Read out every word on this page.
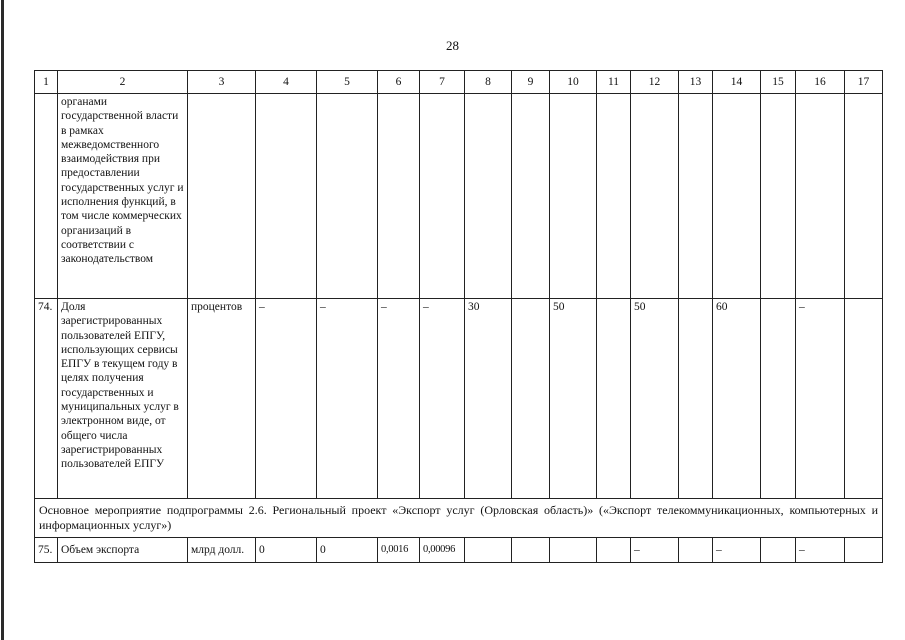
28
1	2	3	4	5	6	7	8	9	10	11	12	13	14	15	16	17
	органами государственной власти в рамках межведомственного взаимодействия при предоставлении государственных услуг и исполнения функций, в том числе коммерческих организаций в соответствии с законодательством															
74.	Доля зарегистрированных пользователей ЕПГУ, использующих сервисы ЕПГУ в текущем году в целях получения государственных и муниципальных услуг в электронном виде, от общего числа зарегистрированных пользователей ЕПГУ	процентов	–	–	–	–	30		50		50		60		–	
Основное мероприятие подпрограммы 2.6. Региональный проект «Экспорт услуг (Орловская область)» («Экспорт телекоммуникационных, компьютерных и информационных услуг»)																
75.	Объем экспорта	млрд долл.	0	0	0,0016	0,00096					–		–		–	
